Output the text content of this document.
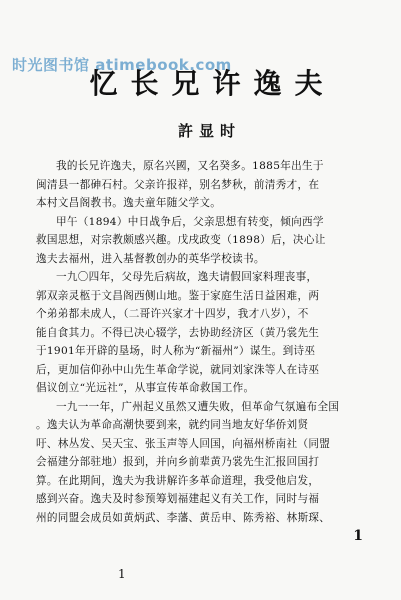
时光图书馆 atimebook.com
忆长兄许逸夫
許显时
我的长兄许逸夫，原名兴國，又名癸多。1885年出生于
闽清县一都砷石村。父亲许报祥，别名梦秋，前清秀才，在
本村文昌阁教书。逸夫童年随父学文。
甲午（1894）中日战争后，父亲思想有转变，倾向西学
救国思想，对宗教颇感兴趣。戊戌政变（1898）后，决心让
逸夫去福州，进入基督教创办的英华学校读书。
一九〇四年，父母先后病故，逸夫请假回家料理丧事，
郭双亲灵柩于文昌阁西侧山地。鉴于家庭生活日益困难，两
个弟弟都未成人，（二哥许兴家才十四岁，我才八岁），不
能自食其力。不得已决心辍学，去协助经济区（黄乃裳先生
于1901年开辟的垦场，时人称为“新福州”）谋生。到诗巫
后，更加信仰孙中山先生革命学说，就同刘家洙等人在诗巫
倡议创立“光远社”，从事宣传革命救国工作。
一九一一年，广州起义虽然又遭失败，但革命气氛遍布全国
。逸夫认为革命高潮快要到来，就约同当地友好华侨刘贤
吁、林丛发、吴天宝、张玉声等人回国，向福州桥南社（同盟
会福建分部驻地）报到，并向乡前辈黄乃裳先生汇报回国打
算。在此期间，逸夫为我讲解许多革命道理，我受他启发，
感到兴奋。逸夫及时参预筹划福建起义有关工作，同时与福
州的同盟会成员如黄炳武、李藩、黄岳申、陈秀裕、林斯琛、
1
1
